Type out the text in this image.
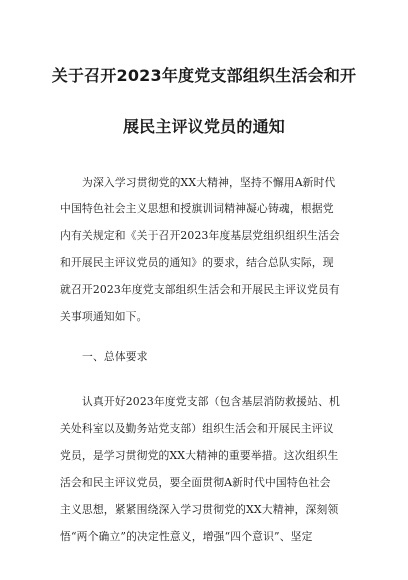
关于召开2023年度党支部组织生活会和开
展民主评议党员的通知
为深入学习贯彻党的XX大精神，坚持不懈用A新时代
中国特色社会主义思想和授旗训词精神凝心铸魂，根据党
内有关规定和《关于召开2023年度基层党组织组织生活会
和开展民主评议党员的通知》的要求，结合总队实际，现
就召开2023年度党支部组织生活会和开展民主评议党员有
关事项通知如下。
一、总体要求
认真开好2023年度党支部（包含基层消防救援站、机
关处科室以及勤务站党支部）组织生活会和开展民主评议
党员，是学习贯彻党的XX大精神的重要举措。这次组织生
活会和民主评议党员，要全面贯彻A新时代中国特色社会
主义思想，紧紧围绕深入学习贯彻党的XX大精神，深刻领
悟“两个确立”的决定性意义，增强“四个意识”、坚定
